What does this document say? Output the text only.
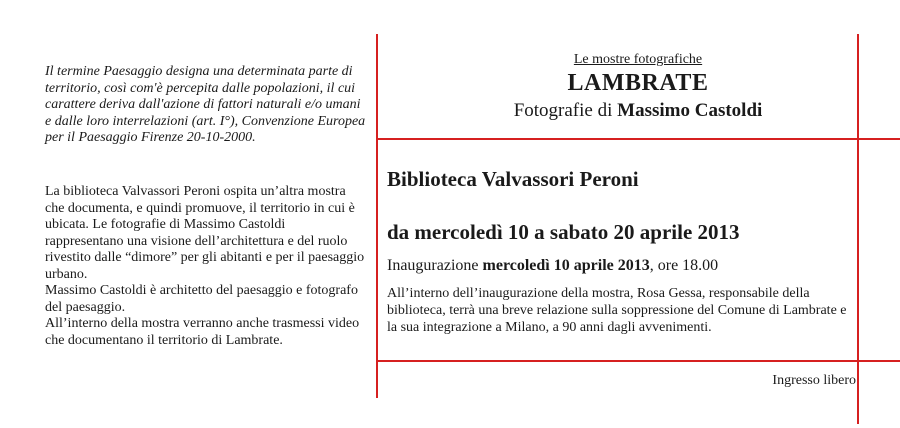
Il termine Paesaggio designa una determinata parte di territorio, così com'è percepita dalle popolazioni, il cui carattere deriva dall'azione di fattori naturali e/o umani e dalle loro interrelazioni (art. I°), Convenzione Europea per il Paesaggio Firenze 20-10-2000.

La biblioteca Valvassori Peroni ospita un’altra mostra che documenta, e quindi promuove, il territorio in cui è ubicata. Le fotografie di Massimo Castoldi rappresentano una visione dell’architettura e del ruolo rivestito dalle “dimore” per gli abitanti e per il paesaggio urbano.

Massimo Castoldi è architetto del paesaggio e fotografo del paesaggio.

All’interno della mostra verranno anche trasmessi video che documentano il territorio di Lambrate.

Le mostre fotografiche
LAMBRATE
Fotografie di Massimo Castoldi
Biblioteca Valvassori Peroni
da mercoledì 10 a sabato 20 aprile 2013
Inaugurazione mercoledì 10 aprile 2013, ore 18.00

All’interno dell’inaugurazione della mostra, Rosa Gessa, responsabile della biblioteca, terrà una breve relazione sulla soppressione del Comune di Lambrate e la sua integrazione a Milano, a 90 anni dagli avvenimenti.

Ingresso libero
